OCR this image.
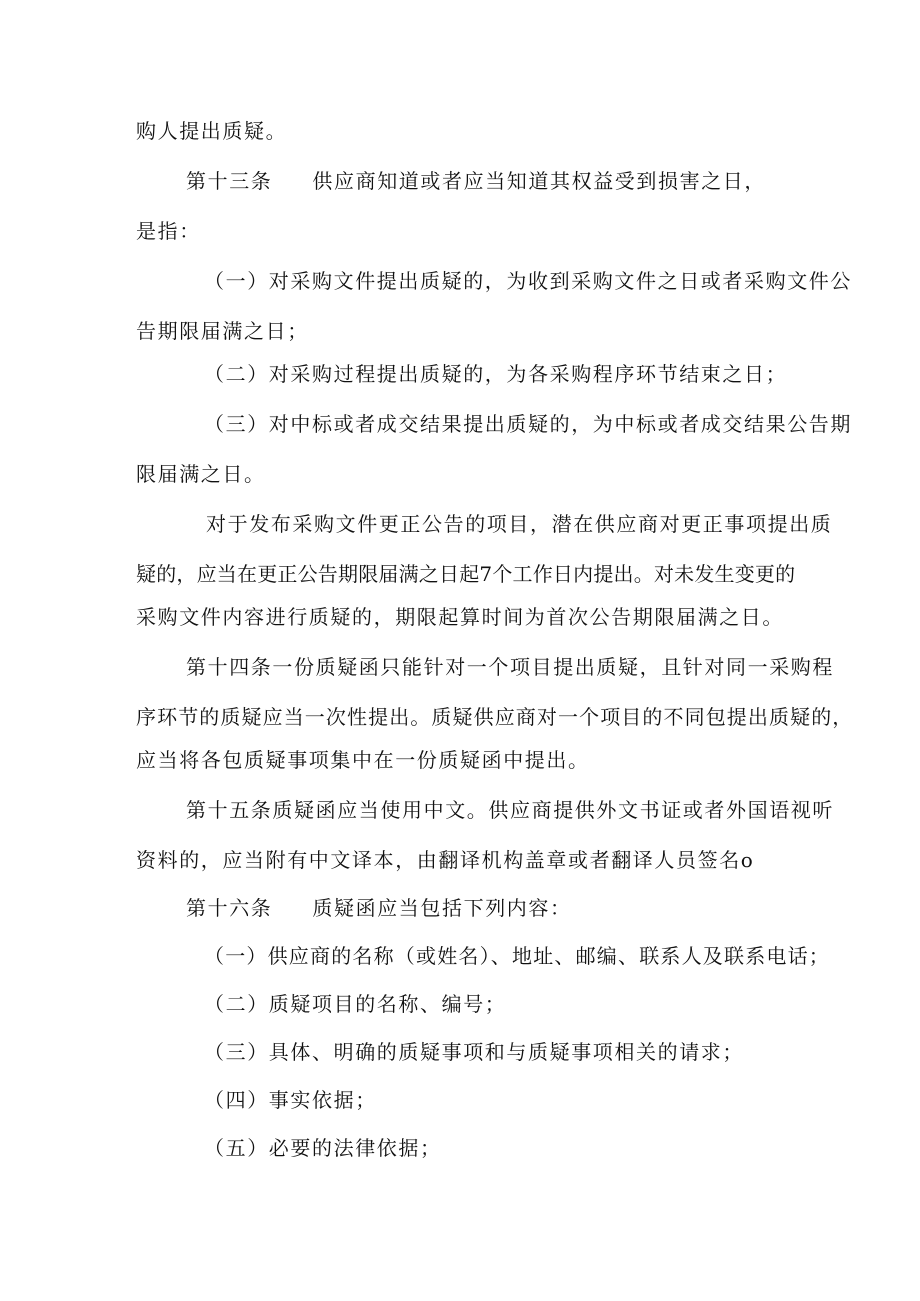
购人提出质疑。
第十三条 供应商知道或者应当知道其权益受到损害之日，
是指：
（一）对采购文件提出质疑的，为收到采购文件之日或者采购文件公
告期限届满之日；
（二）对采购过程提出质疑的，为各采购程序环节结束之日；
（三）对中标或者成交结果提出质疑的，为中标或者成交结果公告期
限届满之日。
对于发布采购文件更正公告的项目，潜在供应商对更正事项提出质
疑的，应当在更正公告期限届满之日起7个工作日内提出。对未发生变更的
采购文件内容进行质疑的，期限起算时间为首次公告期限届满之日。
第十四条一份质疑函只能针对一个项目提出质疑，且针对同一采购程
序环节的质疑应当一次性提出。质疑供应商对一个项目的不同包提出质疑的，
应当将各包质疑事项集中在一份质疑函中提出。
第十五条质疑函应当使用中文。供应商提供外文书证或者外国语视听
资料的，应当附有中文译本，由翻译机构盖章或者翻译人员签名o
第十六条 质疑函应当包括下列内容：
（一）供应商的名称（或姓名）、地址、邮编、联系人及联系电话；
（二）质疑项目的名称、编号；
（三）具体、明确的质疑事项和与质疑事项相关的请求；
（四）事实依据；
（五）必要的法律依据；
